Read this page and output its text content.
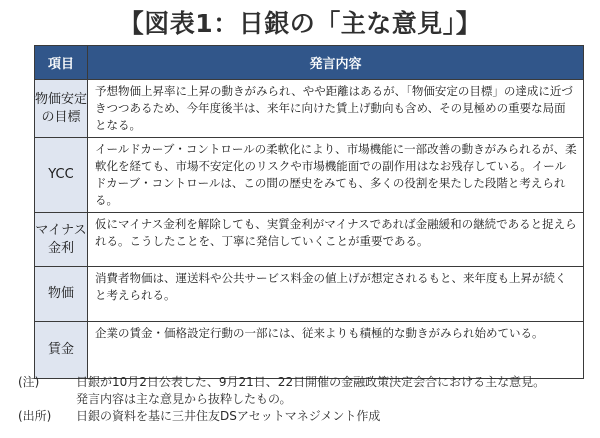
【図表1：日銀の「主な意見」】
項目	発言内容
物価安定の目標	予想物価上昇率に上昇の動きがみられ、やや距離はあるが、「物価安定の目標」の達成に近づきつつあるため、今年度後半は、来年に向けた賃上げ動向も含め、その見極めの重要な局面となる。
YCC	イールドカーブ・コントロールの柔軟化により、市場機能に一部改善の動きがみられるが、柔軟化を経ても、市場不安定化のリスクや市場機能面での副作用はなお残存している。イールドカーブ・コントロールは、この間の歴史をみても、多くの役割を果たした段階と考えられる。
マイナス金利	仮にマイナス金利を解除しても、実質金利がマイナスであれば金融緩和の継続であると捉えられる。こうしたことを、丁寧に発信していくことが重要である。
物価	消費者物価は、運送料や公共サービス料金の値上げが想定されるもと、来年度も上昇が続くと考えられる。
賃金	企業の賃金・価格設定行動の一部には、従来よりも積極的な動きがみられ始めている。
(注)	日銀が10月2日公表した、9月21日、22日開催の金融政策決定会合における主な意見。
発言内容は主な意見から抜粋したもの。
(出所)	日銀の資料を基に三井住友DSアセットマネジメント作成
